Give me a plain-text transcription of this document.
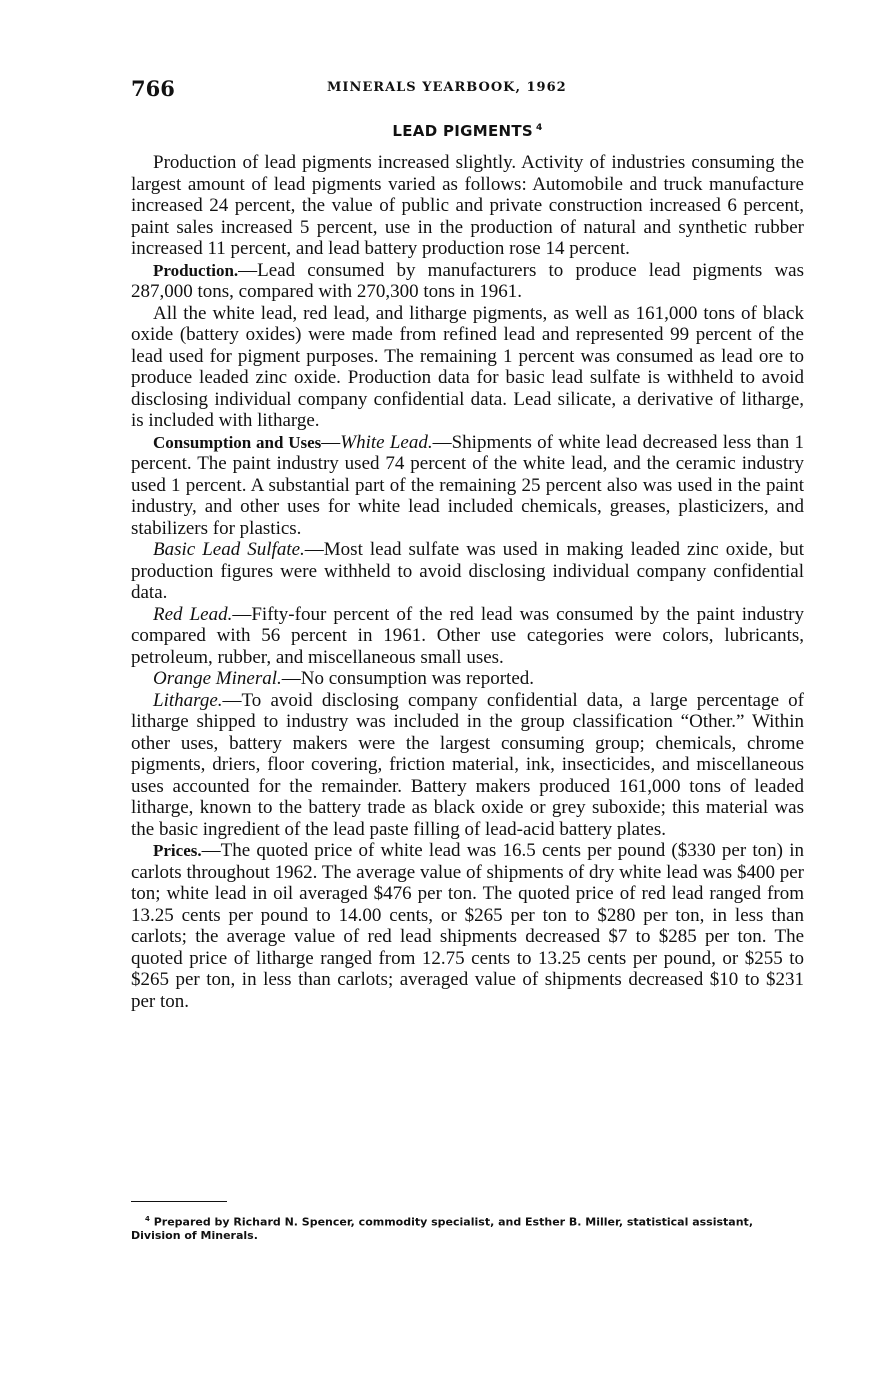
766	MINERALS YEARBOOK, 1962
LEAD PIGMENTS $^4$

Production of lead pigments increased slightly. Activity of industries consuming the largest amount of lead pigments varied as follows: Automobile and truck manufacture increased 24 percent, the value of public and private construction increased 6 percent, paint sales increased 5 percent, use in the production of natural and synthetic rubber increased 11 percent, and lead battery production rose 14 percent.

Production.—Lead consumed by manufacturers to produce lead pigments was 287,000 tons, compared with 270,300 tons in 1961.

All the white lead, red lead, and litharge pigments, as well as 161,000 tons of black oxide (battery oxides) were made from refined lead and represented 99 percent of the lead used for pigment purposes. The remaining 1 percent was consumed as lead ore to produce leaded zinc oxide. Production data for basic lead sulfate is withheld to avoid disclosing individual company confidential data. Lead silicate, a derivative of litharge, is included with litharge.

Consumption and Uses—White Lead.—Shipments of white lead decreased less than 1 percent. The paint industry used 74 percent of the white lead, and the ceramic industry used 1 percent. A substantial part of the remaining 25 percent also was used in the paint industry, and other uses for white lead included chemicals, greases, plasticizers, and stabilizers for plastics.

Basic Lead Sulfate.—Most lead sulfate was used in making leaded zinc oxide, but production figures were withheld to avoid disclosing individual company confidential data.

Red Lead.—Fifty-four percent of the red lead was consumed by the paint industry compared with 56 percent in 1961. Other use categories were colors, lubricants, petroleum, rubber, and miscellaneous small uses.

Orange Mineral.—No consumption was reported.

Litharge.—To avoid disclosing company confidential data, a large percentage of litharge shipped to industry was included in the group classification “Other.” Within other uses, battery makers were the largest consuming group; chemicals, chrome pigments, driers, floor covering, friction material, ink, insecticides, and miscellaneous uses accounted for the remainder. Battery makers produced 161,000 tons of leaded litharge, known to the battery trade as black oxide or grey suboxide; this material was the basic ingredient of the lead paste filling of lead-acid battery plates.

Prices.—The quoted price of white lead was 16.5 cents per pound ($330 per ton) in carlots throughout 1962. The average value of shipments of dry white lead was $400 per ton; white lead in oil averaged $476 per ton. The quoted price of red lead ranged from 13.25 cents per pound to 14.00 cents, or $265 per ton to $280 per ton, in less than carlots; the average value of red lead shipments decreased $7 to $285 per ton. The quoted price of litharge ranged from 12.75 cents to 13.25 cents per pound, or $255 to $265 per ton, in less than carlots; averaged value of shipments decreased $10 to $231 per ton.

$^4$ Prepared by Richard N. Spencer, commodity specialist, and Esther B. Miller, statistical assistant, Division of Minerals.
